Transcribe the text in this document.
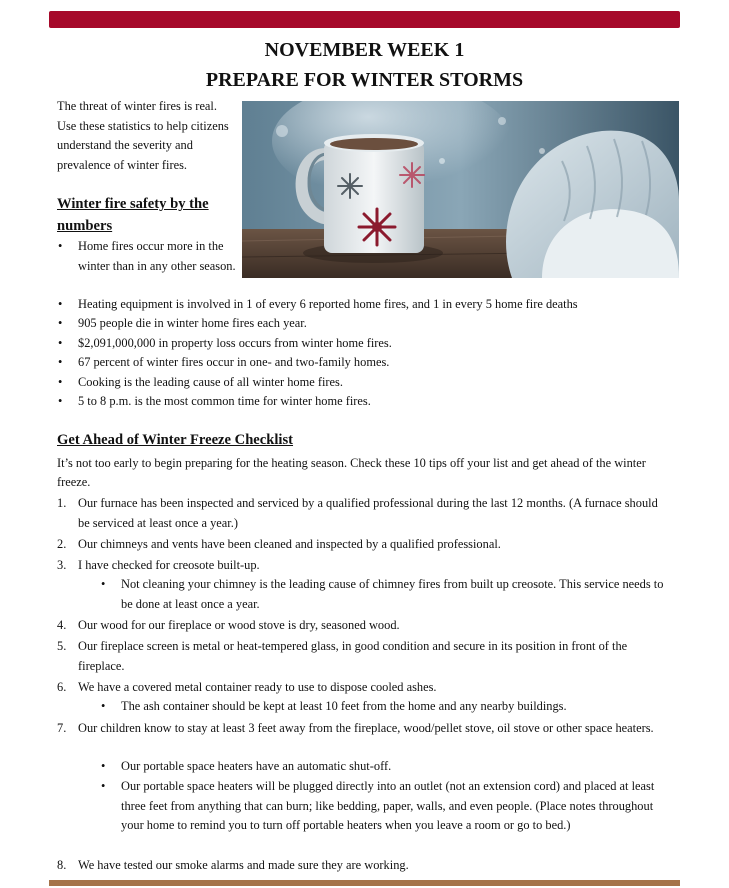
NOVEMBER WEEK 1
PREPARE FOR WINTER STORMS
The threat of winter fires is real. Use these statistics to help citizens understand the severity and prevalence of winter fires.
Winter fire safety by the numbers
• Home fires occur more in the winter than in any other season.
• Heating equipment is involved in 1 of every 6 reported home fires, and 1 in every 5 home fire deaths
• 905 people die in winter home fires each year.
• $2,091,000,000 in property loss occurs from winter home fires.
• 67 percent of winter fires occur in one- and two-family homes.
• Cooking is the leading cause of all winter home fires.
• 5 to 8 p.m. is the most common time for winter home fires.
Get Ahead of Winter Freeze Checklist
It’s not too early to begin preparing for the heating season. Check these 10 tips off your list and get ahead of the winter freeze.
1. Our furnace has been inspected and serviced by a qualified professional during the last 12 months. (A furnace should be serviced at least once a year.)
2. Our chimneys and vents have been cleaned and inspected by a qualified professional.
3. I have checked for creosote built-up.
• Not cleaning your chimney is the leading cause of chimney fires from built up creosote. This service needs to be done at least once a year.
4. Our wood for our fireplace or wood stove is dry, seasoned wood.
5. Our fireplace screen is metal or heat-tempered glass, in good condition and secure in its position in front of the fireplace.
6. We have a covered metal container ready to use to dispose cooled ashes.
• The ash container should be kept at least 10 feet from the home and any nearby buildings.
7. Our children know to stay at least 3 feet away from the fireplace, wood/pellet stove, oil stove or other space heaters.
• Our portable space heaters have an automatic shut-off.
• Our portable space heaters will be plugged directly into an outlet (not an extension cord) and placed at least three feet from anything that can burn; like bedding, paper, walls, and even people. (Place notes throughout your home to remind you to turn off portable heaters when you leave a room or go to bed.)
8. We have tested our smoke alarms and made sure they are working.
